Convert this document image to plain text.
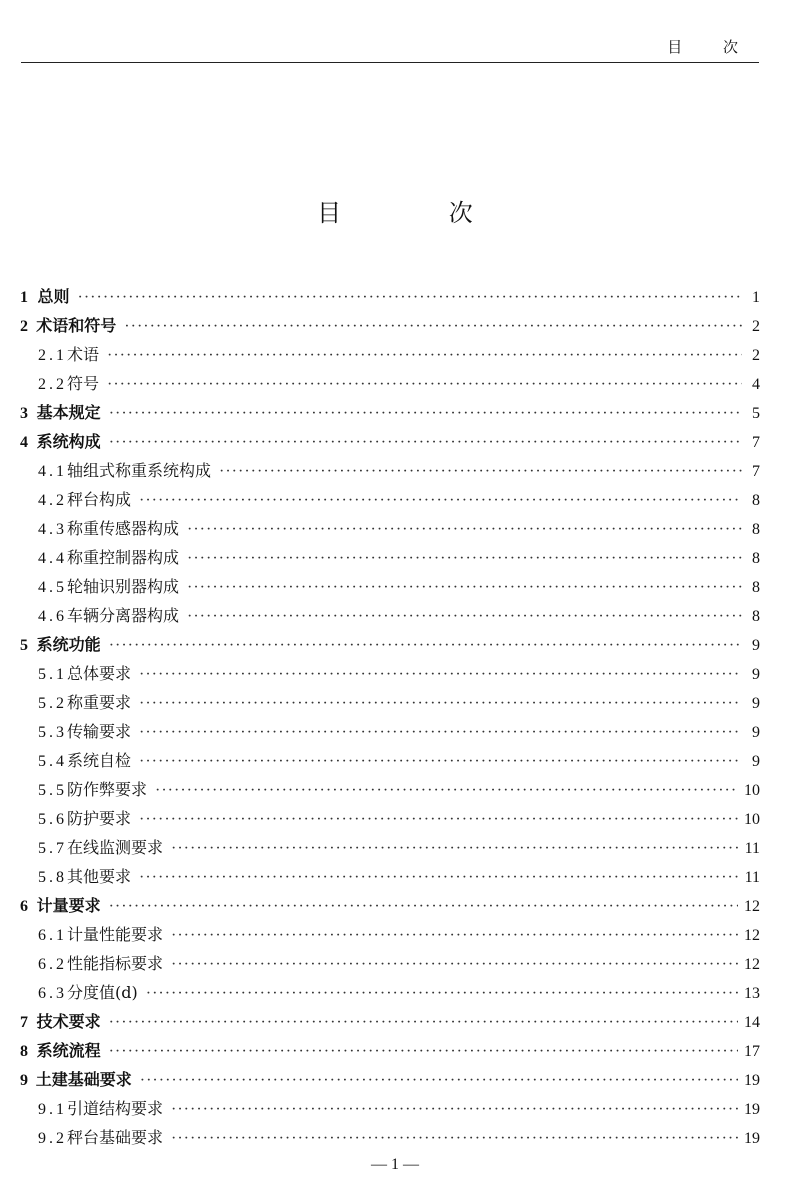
目 次
目 次
1 总则 ·····	1
2 术语和符号 ·····	2
2.1 术语 ·····	2
2.2 符号 ·····	4
3 基本规定 ·····	5
4 系统构成 ·····	7
4.1 轴组式称重系统构成 ·····	7
4.2 秤台构成 ·····	8
4.3 称重传感器构成 ·····	8
4.4 称重控制器构成 ·····	8
4.5 轮轴识别器构成 ·····	8
4.6 车辆分离器构成 ·····	8
5 系统功能 ·····	9
5.1 总体要求 ·····	9
5.2 称重要求 ·····	9
5.3 传输要求 ·····	9
5.4 系统自检 ·····	9
5.5 防作弊要求 ·····	10
5.6 防护要求 ·····	10
5.7 在线监测要求 ·····	11
5.8 其他要求 ·····	11
6 计量要求 ·····	12
6.1 计量性能要求 ·····	12
6.2 性能指标要求 ·····	12
6.3 分度值(d) ·····	13
7 技术要求 ·····	14
8 系统流程 ·····	17
9 土建基础要求 ·····	19
9.1 引道结构要求 ·····	19
9.2 秤台基础要求 ·····	19
— 1 —
